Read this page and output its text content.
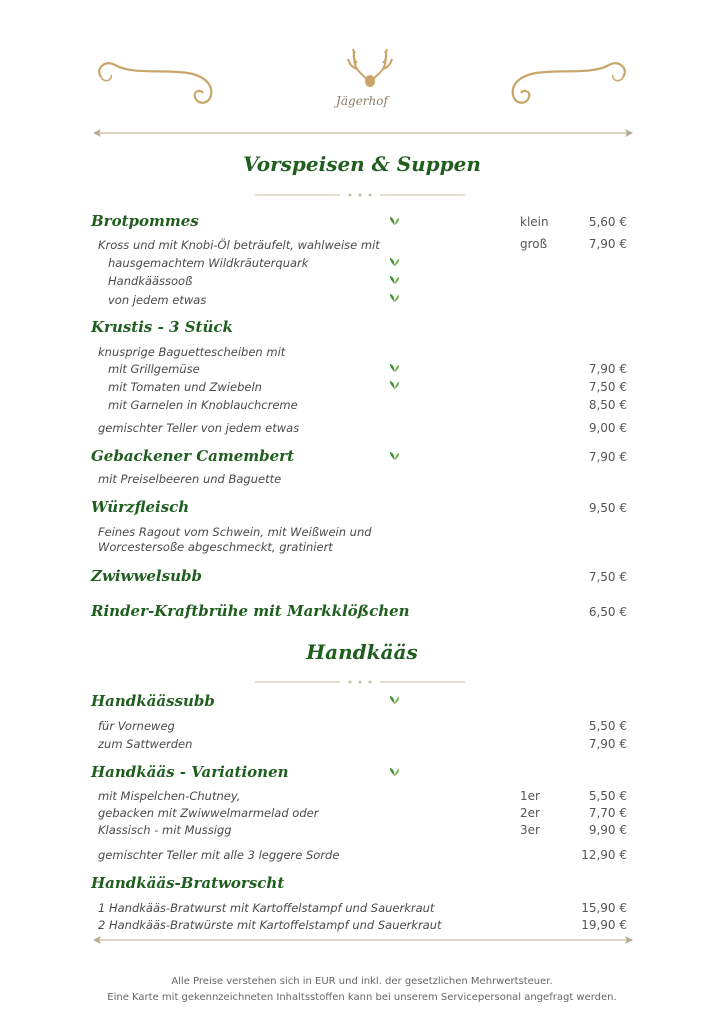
Jägerhof
Vorspeisen & Suppen
Brotpommes	klein	5,60 €
Kross und mit Knobi-Öl beträufelt, wahlweise mit	groß	7,90 €
hausgemachtem Wildkräuterquark
Handkäässooß
von jedem etwas
Krustis - 3 Stück
knusprige Baguettescheiben mit
mit Grillgemüse	7,90 €
mit Tomaten und Zwiebeln	7,50 €
mit Garnelen in Knoblauchcreme	8,50 €
gemischter Teller von jedem etwas	9,00 €
Gebackener Camembert	7,90 €
mit Preiselbeeren und Baguette
Würzfleisch	9,50 €
Feines Ragout vom Schwein, mit Weißwein und
Worcestersoße abgeschmeckt, gratiniert
Zwiwwelsubb	7,50 €
Rinder-Kraftbrühe mit Markklößchen	6,50 €
Handkääs
Handkäässubb
für Vorneweg	5,50 €
zum Sattwerden	7,90 €
Handkääs - Variationen
mit Mispelchen-Chutney,	1er	5,50 €
gebacken mit Zwiwwelmarmelad oder	2er	7,70 €
Klassisch - mit Mussigg	3er	9,90 €
gemischter Teller mit alle 3 leggere Sorde	12,90 €
Handkääs-Bratworscht
1 Handkääs-Bratwurst mit Kartoffelstampf und Sauerkraut	15,90 €
2 Handkääs-Bratwürste mit Kartoffelstampf und Sauerkraut	19,90 €
Alle Preise verstehen sich in EUR und inkl. der gesetzlichen Mehrwertsteuer.
Eine Karte mit gekennzeichneten Inhaltsstoffen kann bei unserem Servicepersonal angefragt werden.
